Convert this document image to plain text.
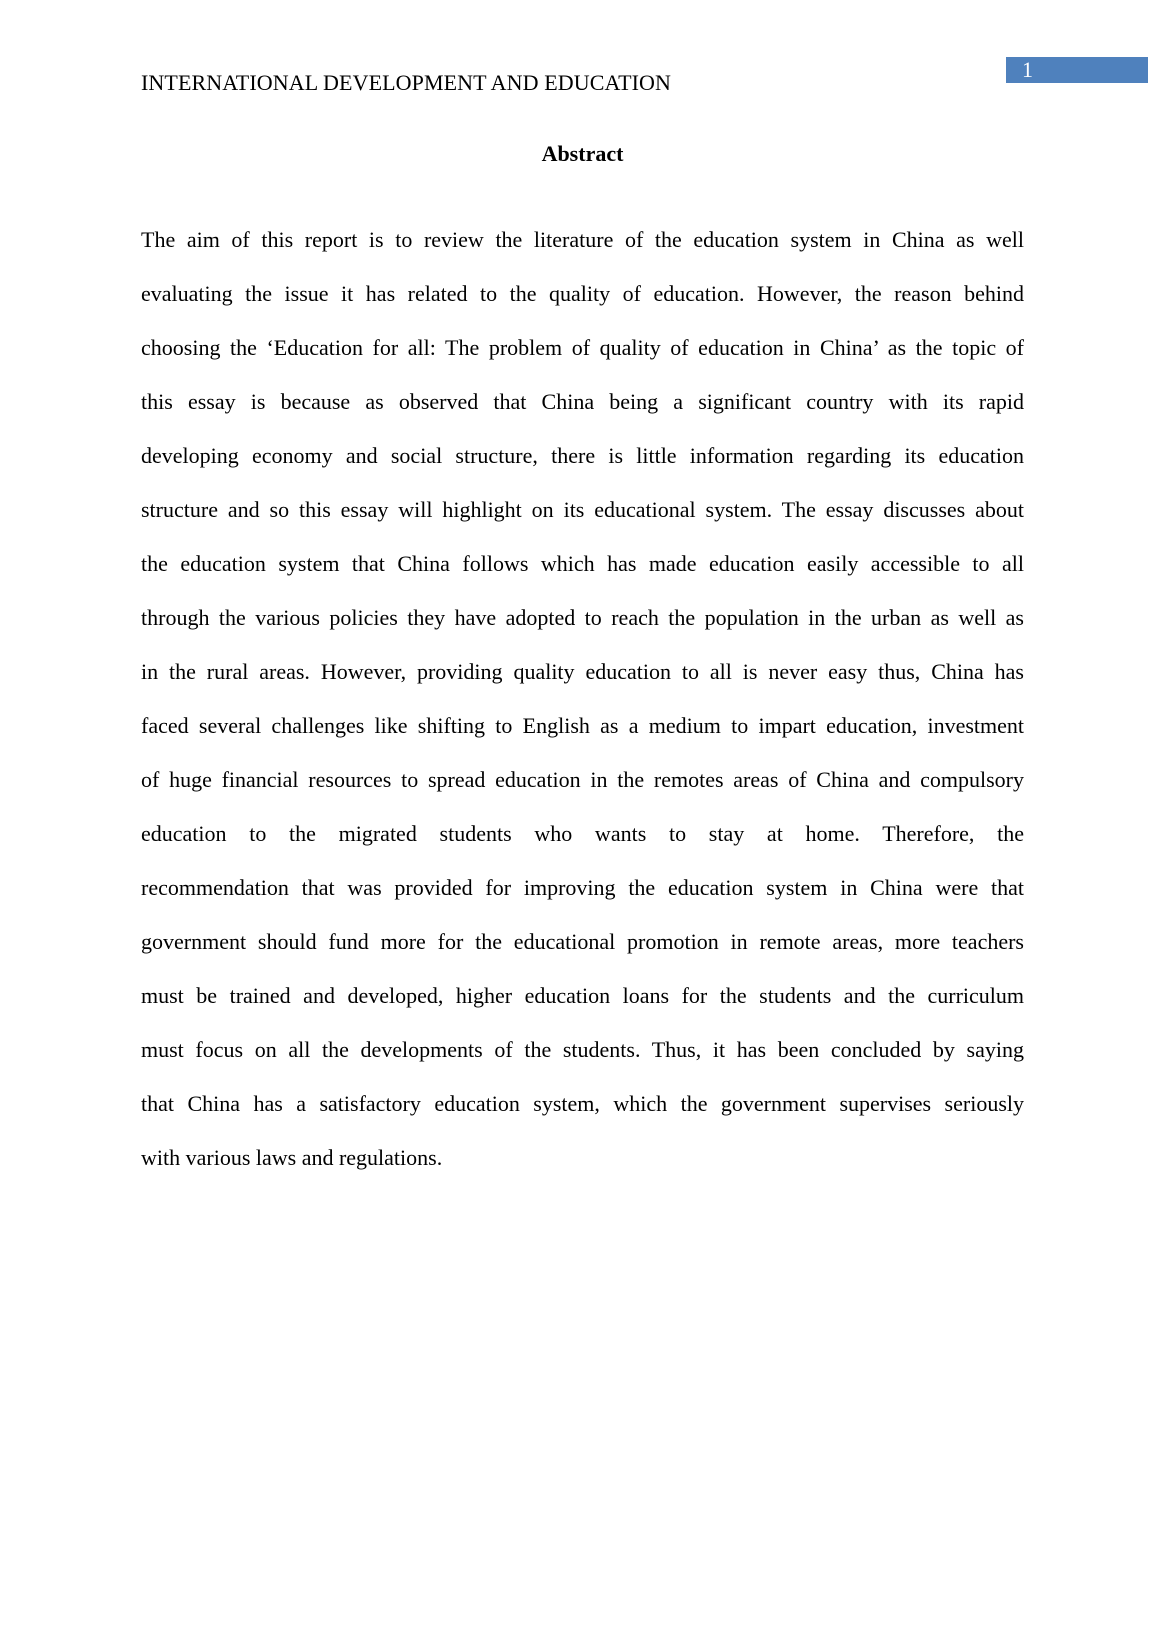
INTERNATIONAL DEVELOPMENT AND EDUCATION
1
Abstract
The aim of this report is to review the literature of the education system in China as well
evaluating the issue it has related to the quality of education. However, the reason behind
choosing the ‘Education for all: The problem of quality of education in China’ as the topic of
this essay is because as observed that China being a significant country with its rapid
developing economy and social structure, there is little information regarding its education
structure and so this essay will highlight on its educational system. The essay discusses about
the education system that China follows which has made education easily accessible to all
through the various policies they have adopted to reach the population in the urban as well as
in the rural areas. However, providing quality education to all is never easy thus, China has
faced several challenges like shifting to English as a medium to impart education, investment
of huge financial resources to spread education in the remotes areas of China and compulsory
education to the migrated students who wants to stay at home. Therefore, the
recommendation that was provided for improving the education system in China were that
government should fund more for the educational promotion in remote areas, more teachers
must be trained and developed, higher education loans for the students and the curriculum
must focus on all the developments of the students. Thus, it has been concluded by saying
that China has a satisfactory education system, which the government supervises seriously
with various laws and regulations.
